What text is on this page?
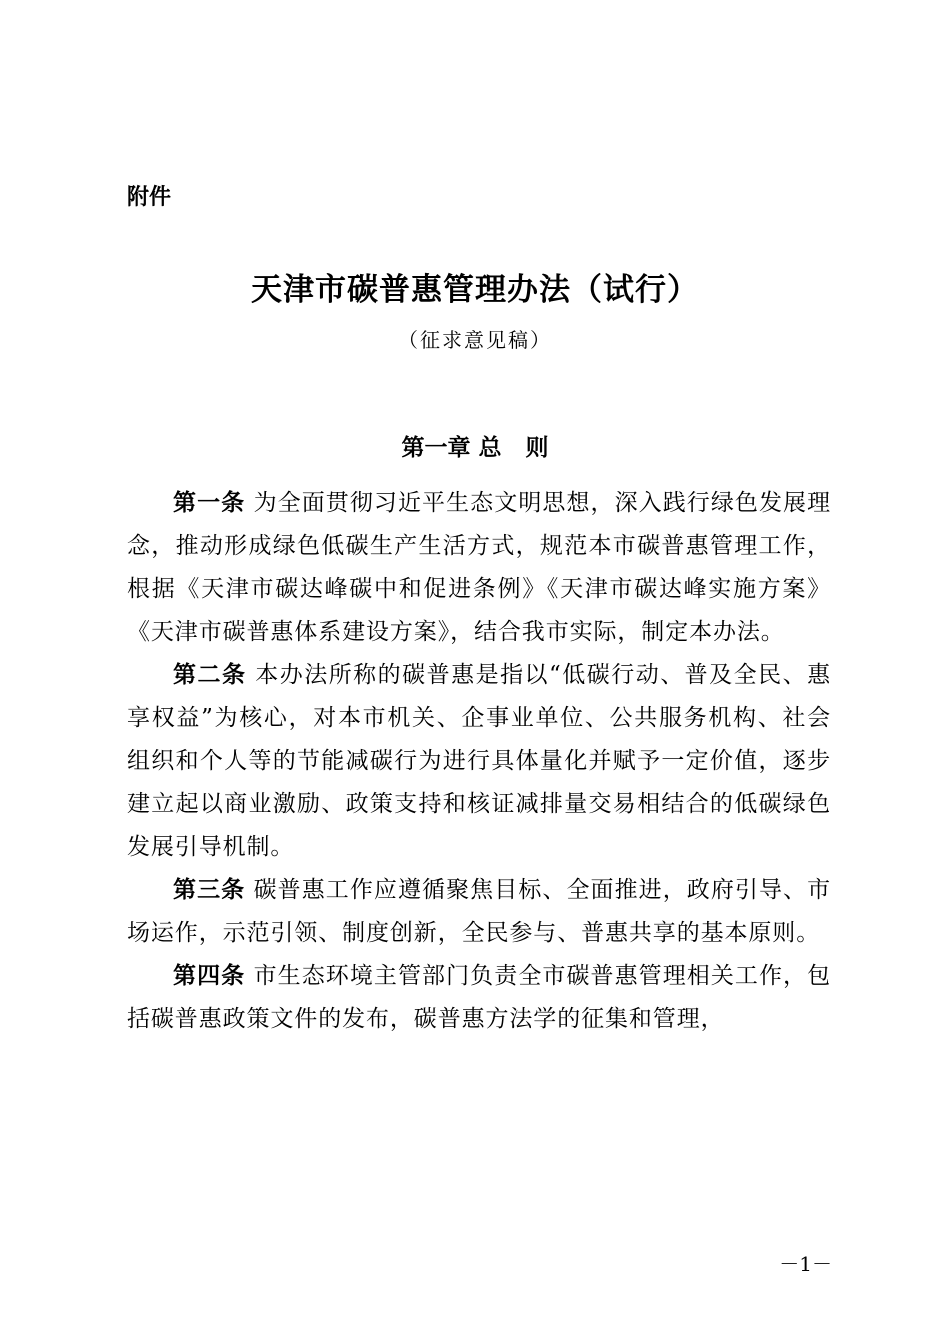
附件
天津市碳普惠管理办法（试行）
（征求意见稿）
第一章 总   则

第一条 为全面贯彻习近平生态文明思想，深入践行绿色发展理念，推动形成绿色低碳生产生活方式，规范本市碳普惠管理工作，根据《天津市碳达峰碳中和促进条例》《天津市碳达峰实施方案》《天津市碳普惠体系建设方案》，结合我市实际，制定本办法。

第二条 本办法所称的碳普惠是指以“低碳行动、普及全民、惠享权益”为核心，对本市机关、企事业单位、公共服务机构、社会组织和个人等的节能减碳行为进行具体量化并赋予一定价值，逐步建立起以商业激励、政策支持和核证减排量交易相结合的低碳绿色发展引导机制。

第三条 碳普惠工作应遵循聚焦目标、全面推进，政府引导、市场运作，示范引领、制度创新，全民参与、普惠共享的基本原则。

第四条 市生态环境主管部门负责全市碳普惠管理相关工作，包括碳普惠政策文件的发布，碳普惠方法学的征集和管理，

－1－
